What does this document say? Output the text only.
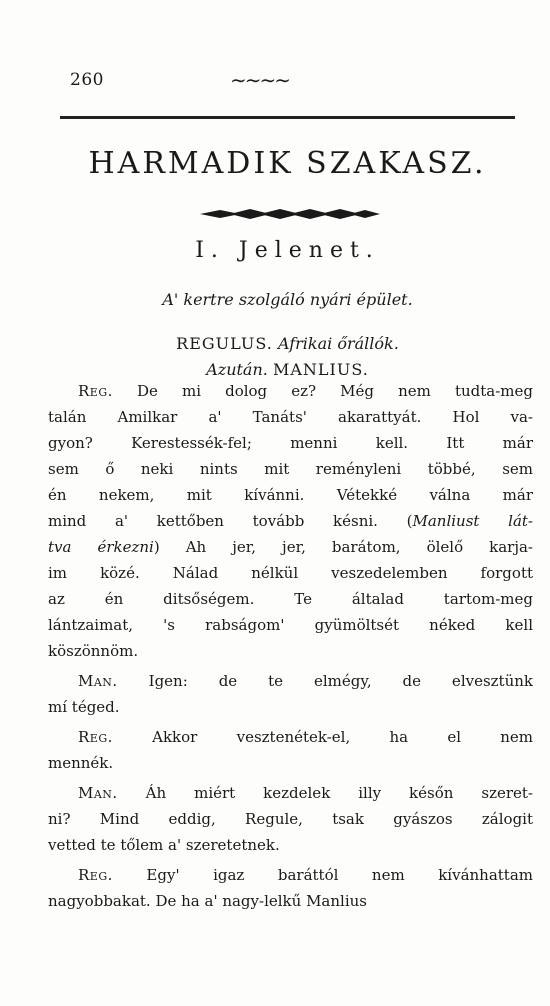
260	∼∼∼∼
HARMADIK SZAKASZ.
I. Jelenet.
A' kertre szolgáló nyári épület.
REGULUS. Afrikai őrállók.
Azután. MANLIUS.
Reg. De mi dolog ez? Még nem tudta-meg
talán Amilkar a' Tanáts' akarattyát. Hol va-
gyon? Kerestessék-fel; menni kell. Itt már
sem ő neki nints mit reményleni többé, sem
én nekem, mit kívánni. Vétekké válna már
mind a' kettőben tovább késni. (Manliust lát-
tva érkezni) Ah jer, jer, barátom, ölelő karja-
im közé. Nálad nélkül veszedelemben forgott
az én ditsőségem. Te általad tartom-meg
lántzaimat, 's rabságom' gyümöltsét néked kell
köszönnöm.
Man. Igen: de te elmégy, de elvesztünk
mí téged.
Reg. Akkor vesztenétek-el, ha el nem
mennék.
Man. Áh miért kezdelek illy későn szeret-
ni? Mind eddig, Regule, tsak gyászos zálogit
vetted te tőlem a' szeretetnek.
Reg. Egy' igaz baráttól nem kívánhattam
nagyobbakat. De ha a' nagy-lelkű Manlius
